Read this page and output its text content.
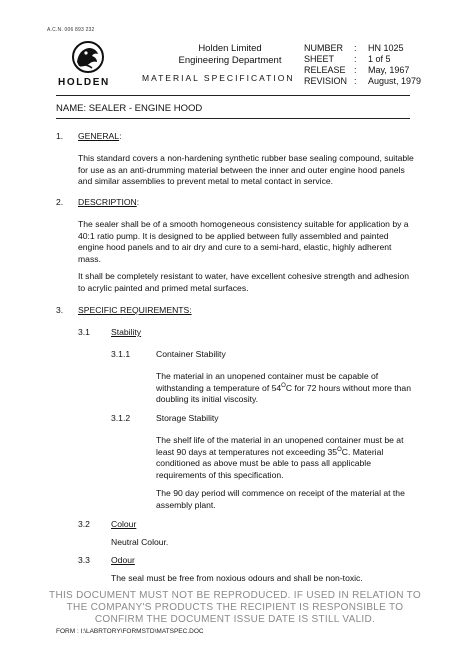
A.C.N. 006 893 232
HOLDEN
Holden Limited
Engineering Department
MATERIAL SPECIFICATION
NUMBER	:	HN 1025
SHEET	:	1 of 5
RELEASE :	May, 1967
REVISION :	August, 1979
NAME: SEALER - ENGINE HOOD
1. GENERAL:
This standard covers a non-hardening synthetic rubber base sealing compound, suitable for use as an anti-drumming material between the inner and outer engine hood panels and similar assemblies to prevent metal to metal contact in service.
2. DESCRIPTION:
The sealer shall be of a smooth homogeneous consistency suitable for application by a 40:1 ratio pump. It is designed to be applied between fully assembled and painted engine hood panels and to air dry and cure to a semi-hard, elastic, highly adherent mass.
It shall be completely resistant to water, have excellent cohesive strength and adhesion to acrylic painted and primed metal surfaces.
3. SPECIFIC REQUIREMENTS:
3.1 Stability
3.1.1	Container Stability
The material in an unopened container must be capable of withstanding a temperature of $54^OC$ for 72 hours without more than doubling its initial viscosity.
3.1.2	Storage Stability
The shelf life of the material in an unopened container must be at least 90 days at temperatures not exceeding $35^OC$. Material conditioned as above must be able to pass all applicable requirements of this specification.
The 90 day period will commence on receipt of the material at the assembly plant.
3.2 Colour
Neutral Colour.
3.3 Odour
The seal must be free from noxious odours and shall be non-toxic.
THIS DOCUMENT MUST NOT BE REPRODUCED. IF USED IN RELATION TO
THE COMPANY'S PRODUCTS THE RECIPIENT IS RESPONSIBLE TO
CONFIRM THE DOCUMENT ISSUE DATE IS STILL VALID.
FORM : I:\LABRTORY\FORMSTD\MATSPEC.DOC
